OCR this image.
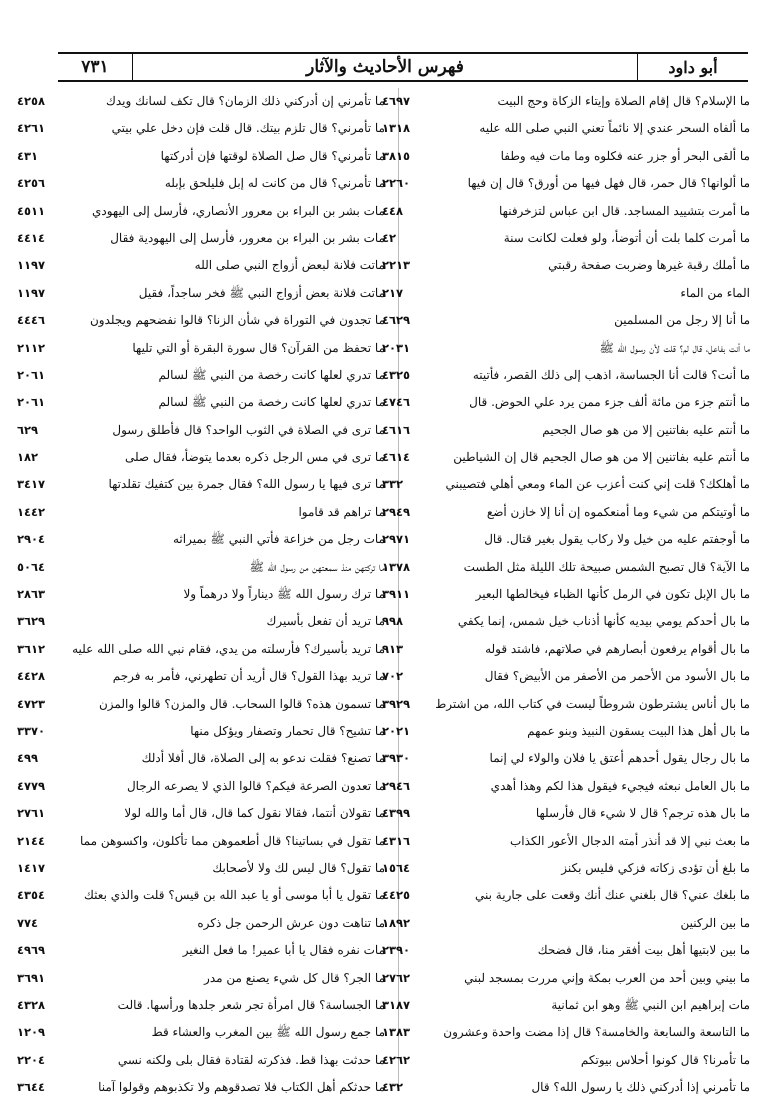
٧٣١	فهرس الأحاديث والآثار	أبو داود
٤٦٩٧	ما الإسلام؟ قال إقام الصلاة وإيتاء الزكاة وحج البيت
١٣١٨	ما ألفاه السحر عندي إلا نائماً تعني النبي صلى الله عليه
٣٨١٥	ما ألقى البحر أو جزر عنه فكلوه وما مات فيه وطفا
٢٢٦٠	ما ألوانها؟ قال حمر، قال فهل فيها من أورق؟ قال إن فيها
٤٤٨	ما أمرت بتشييد المساجد. قال ابن عباس لتزخرفنها
٤٢	ما أمرت كلما بلت أن أتوضأ، ولو فعلت لكانت سنة
٢٢١٣	ما أملك رقبة غيرها وضربت صفحة رقبتي
٢١٧	الماء من الماء
٤٦٢٩	ما أنا إلا رجل من المسلمين
٢٠٣١	ما أنت بفاعل، قال لم؟ قلت لأن رسول الله ﷺ
٤٣٢٥	ما أنت؟ قالت أنا الجساسة، اذهب إلى ذلك القصر، فأتيته
٤٧٤٦	ما أنتم جزء من مائة ألف جزء ممن يرد علي الحوض. قال
٤٦١٦	ما أنتم عليه بفاتنين إلا من هو صال الجحيم
٤٦١٤	ما أنتم عليه بفاتنين إلا من هو صال الجحيم قال إن الشياطين
٣٣٢	ما أهلكك؟ قلت إني كنت أعزب عن الماء ومعي أهلي فتصيبني
٢٩٤٩	ما أوتيتكم من شيء وما أمنعكموه إن أنا إلا خازن أضع
٢٩٧١	ما أوجفتم عليه من خيل ولا ركاب يقول بغير قتال. قال
١٣٧٨	ما الآية؟ قال تصبح الشمس صبيحة تلك الليلة مثل الطست
٣٩١١	ما بال الإبل تكون في الرمل كأنها الظباء فيخالطها البعير
٩٩٨	ما بال أحدكم يومي بيديه كأنها أذناب خيل شمس، إنما يكفي
٩١٣	ما بال أقوام يرفعون أبصارهم في صلاتهم، فاشتد قوله
٧٠٢	ما بال الأسود من الأحمر من الأصفر من الأبيض؟ فقال
٣٩٢٩	ما بال أناس يشترطون شروطاً ليست في كتاب الله، من اشترط
٢٠٢١	ما بال أهل هذا البيت يسقون النبيذ وبنو عمهم
٣٩٣٠	ما بال رجال يقول أحدهم أعتق يا فلان والولاء لي إنما
٢٩٤٦	ما بال العامل نبعثه فيجيء فيقول هذا لكم وهذا أهدي
٤٣٩٩	ما بال هذه ترجم؟ قال لا شيء قال فأرسلها
٤٣١٦	ما بعث نبي إلا قد أنذر أمته الدجال الأعور الكذاب
١٥٦٤	ما بلغ أن تؤدى زكاته فزكي فليس بكنز
٤٤٢٥	ما بلغك عني؟ قال بلغني عنك أنك وقعت على جارية بني
١٨٩٢	ما بين الركنين
٢٣٩٠	ما بين لابتيها أهل بيت أفقر منا، قال فضحك
٢٧٦٢	ما بيني وبين أحد من العرب بمكة وإني مررت بمسجد لبني
٣١٨٧	مات إبراهيم ابن النبي ﷺ وهو ابن ثمانية
١٣٨٣	ما التاسعة والسابعة والخامسة؟ قال إذا مضت واحدة وعشرون
٤٢٦٢	ما تأمرنا؟ قال كونوا أحلاس بيوتكم
٤٣٢	ما تأمرني إذا أدركني ذلك يا رسول الله؟ قال
٤٢٥٨	ما تأمرني إن أدركني ذلك الزمان؟ قال تكف لسانك ويدك
٤٢٦١	ما تأمرني؟ قال تلزم بيتك. قال قلت فإن دخل علي بيتي
٤٣١	ما تأمرني؟ قال صل الصلاة لوقتها فإن أدركتها
٤٢٥٦	ما تأمرني؟ قال من كانت له إبل فليلحق بإبله
٤٥١١	مات بشر بن البراء بن معرور الأنصاري، فأرسل إلى اليهودي
٤٤١٤	مات بشر بن البراء بن معرور، فأرسل إلى اليهودية فقال
١١٩٧	ماتت فلانة لبعض أزواج النبي صلى الله
١١٩٧	ماتت فلانة بعض أزواج النبي ﷺ فخر ساجداً، فقيل
٤٤٤٦	ما تجدون في التوراة في شأن الزنا؟ قالوا نفضحهم ويجلدون
٢١١٢	ما تحفظ من القرآن؟ قال سورة البقرة أو التي تليها
٢٠٦١	ما تدري لعلها كانت رخصة من النبي ﷺ لسالم
٢٠٦١	ما تدري لعلها كانت رخصة من النبي ﷺ لسالم
٦٢٩	ما ترى في الصلاة في الثوب الواحد؟ قال فأطلق رسول
١٨٢	ما ترى في مس الرجل ذكره بعدما يتوضأ، فقال صلى
٣٤١٧	ما ترى فيها يا رسول الله؟ فقال جمرة بين كتفيك تقلدتها
١٤٤٢	ما تراهم قد قاموا
٢٩٠٤	مات رجل من خزاعة فأتي النبي ﷺ بميراثه
٥٠٦٤	ما تركتهن منذ سمعتهن من رسول الله ﷺ
٢٨٦٣	ما ترك رسول الله ﷺ ديناراً ولا درهماً ولا
٣٦٢٩	ما تريد أن تفعل بأسيرك
٣٦١٢	ما تريد بأسيرك؟ فأرسلته من يدي، فقام نبي الله صلى الله عليه
٤٤٢٨	ما تريد بهذا القول؟ قال أريد أن تطهرني، فأمر به فرجم
٤٧٢٣	ما تسمون هذه؟ قالوا السحاب. قال والمزن؟ قالوا والمزن
٣٣٧٠	ما تشيح؟ قال تحمار وتصفار ويؤكل منها
٤٩٩	ما تصنع؟ فقلت ندعو به إلى الصلاة، قال أفلا أدلك
٤٧٧٩	ما تعدون الصرعة فيكم؟ قالوا الذي لا يصرعه الرجال
٢٧٦١	ما تقولان أنتما، فقالا نقول كما قال، قال أما والله لولا
٢١٤٤	ما تقول في بساتينا؟ قال أطعموهن مما تأكلون، واكسوهن مما
١٤١٧	ما تقول؟ قال ليس لك ولا لأصحابك
٤٣٥٤	ما تقول يا أبا موسى أو يا عبد الله بن قيس؟ قلت والذي بعثك
٧٧٤	ما تناهت دون عرش الرحمن جل ذكره
٤٩٦٩	مات نفره فقال يا أبا عمير! ما فعل النغير
٣٦٩١	ما الجر؟ قال كل شيء يصنع من مدر
٤٣٢٨	ما الجساسة؟ قال امرأة تجر شعر جلدها ورأسها. قالت
١٢٠٩	ما جمع رسول الله ﷺ بين المغرب والعشاء قط
٢٢٠٤	ما حدثت بهذا قط. فذكرته لقتادة فقال بلى ولكنه نسي
٣٦٤٤	ما حدثكم أهل الكتاب فلا تصدقوهم ولا تكذبوهم وقولوا آمنا
